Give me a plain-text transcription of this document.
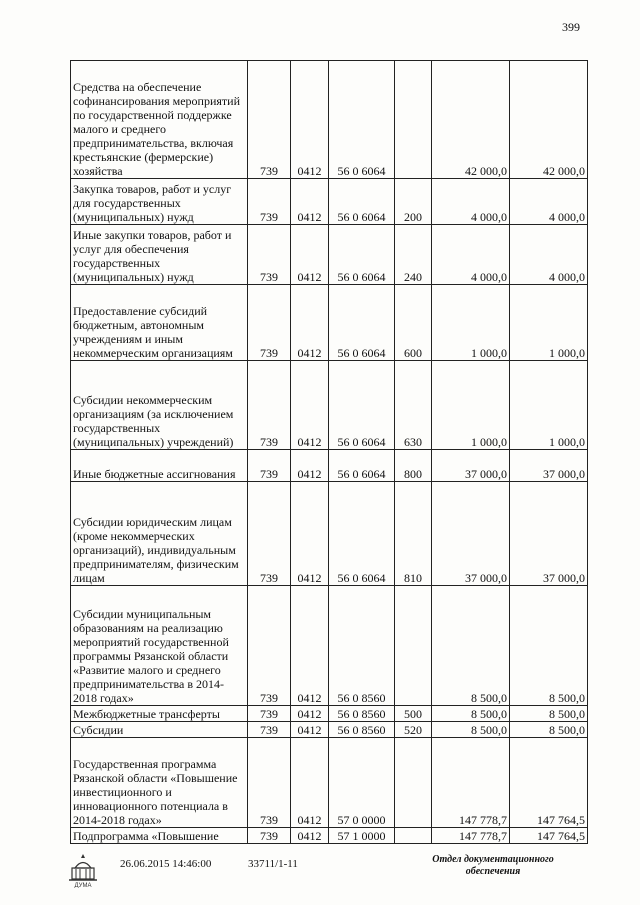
399
Средства на обеспечение софинансирования мероприятий по государственной поддержке малого и среднего предпринимательства, включая крестьянские (фермерские) хозяйства	739	0412	56 0 6064		42 000,0	42 000,0
Закупка товаров, работ и услуг для государственных (муниципальных) нужд	739	0412	56 0 6064	200	4 000,0	4 000,0
Иные закупки товаров, работ и услуг для обеспечения государственных (муниципальных) нужд	739	0412	56 0 6064	240	4 000,0	4 000,0
Предоставление субсидий бюджетным, автономным учреждениям и иным некоммерческим организациям	739	0412	56 0 6064	600	1 000,0	1 000,0
Субсидии некоммерческим организациям (за исключением государственных (муниципальных) учреждений)	739	0412	56 0 6064	630	1 000,0	1 000,0
Иные бюджетные ассигнования	739	0412	56 0 6064	800	37 000,0	37 000,0
Субсидии юридическим лицам (кроме некоммерческих организаций), индивидуальным предпринимателям, физическим лицам	739	0412	56 0 6064	810	37 000,0	37 000,0
Субсидии муниципальным образованиям на реализацию мероприятий государственной программы Рязанской области «Развитие малого и среднего предпринимательства в 2014-2018 годах»	739	0412	56 0 8560		8 500,0	8 500,0
Межбюджетные трансферты	739	0412	56 0 8560	500	8 500,0	8 500,0
Субсидии	739	0412	56 0 8560	520	8 500,0	8 500,0
Государственная программа Рязанской области «Повышение инвестиционного и инновационного потенциала в 2014-2018 годах»	739	0412	57 0 0000		147 778,7	147 764,5
Подпрограмма «Повышение	739	0412	57 1 0000		147 778,7	147 764,5
ДУМА
26.06.2015 14:46:00	33711/1-11	Отдел документационного обеспечения
